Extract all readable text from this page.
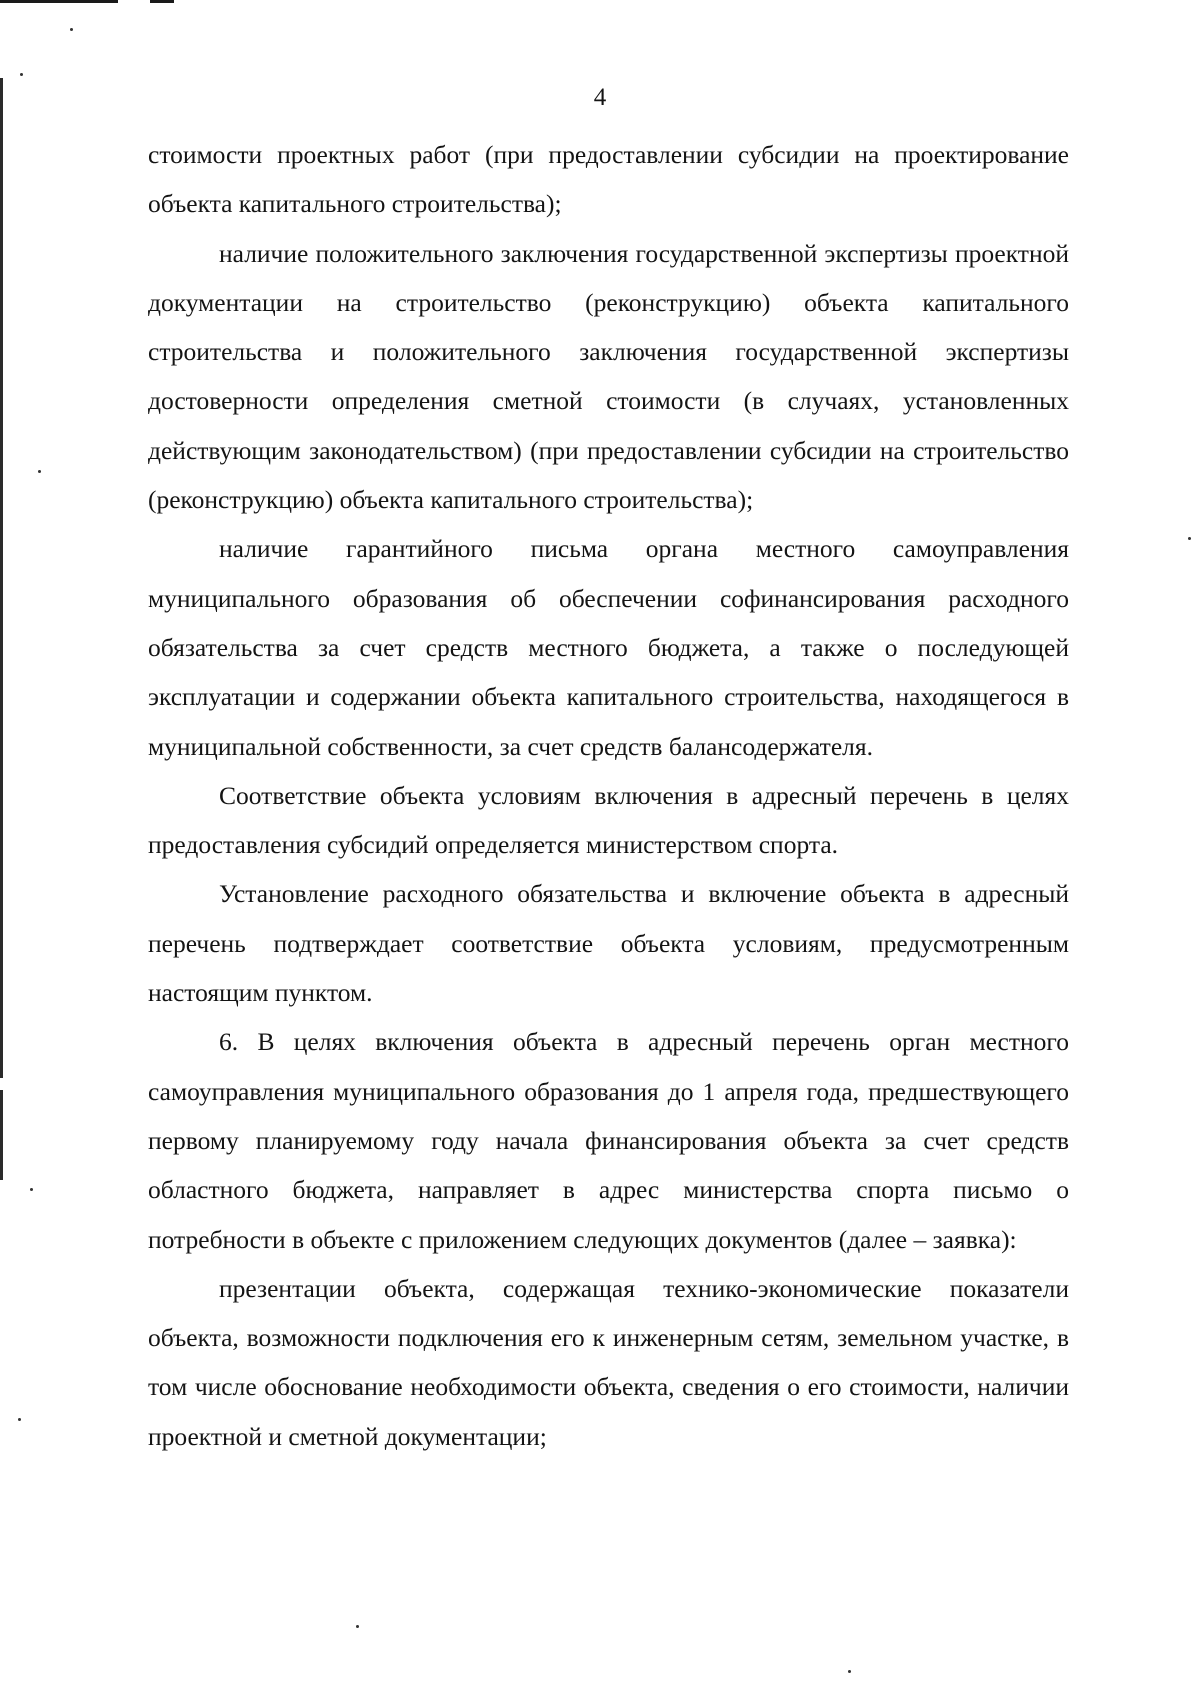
4

стоимости проектных работ (при предоставлении субсидии на проектирование объекта капитального строительства);

наличие положительного заключения государственной экспертизы проектной документации на строительство (реконструкцию) объекта капитального строительства и положительного заключения государственной экспертизы достоверности определения сметной стоимости (в случаях, установленных действующим законодательством) (при предоставлении субсидии на строительство (реконструкцию) объекта капитального строительства);

наличие гарантийного письма органа местного самоуправления муниципального образования об обеспечении софинансирования расходного обязательства за счет средств местного бюджета, а также о последующей эксплуатации и содержании объекта капитального строительства, находящегося в муниципальной собственности, за счет средств балансодержателя.

Соответствие объекта условиям включения в адресный перечень в целях предоставления субсидий определяется министерством спорта.

Установление расходного обязательства и включение объекта в адресный перечень подтверждает соответствие объекта условиям, предусмотренным настоящим пунктом.

6. В целях включения объекта в адресный перечень орган местного самоуправления муниципального образования до 1 апреля года, предшествующего первому планируемому году начала финансирования объекта за счет средств областного бюджета, направляет в адрес министерства спорта письмо о потребности в объекте с приложением следующих документов (далее – заявка):

презентации объекта, содержащая технико-экономические показатели объекта, возможности подключения его к инженерным сетям, земельном участке, в том числе обоснование необходимости объекта, сведения о его стоимости, наличии проектной и сметной документации;
